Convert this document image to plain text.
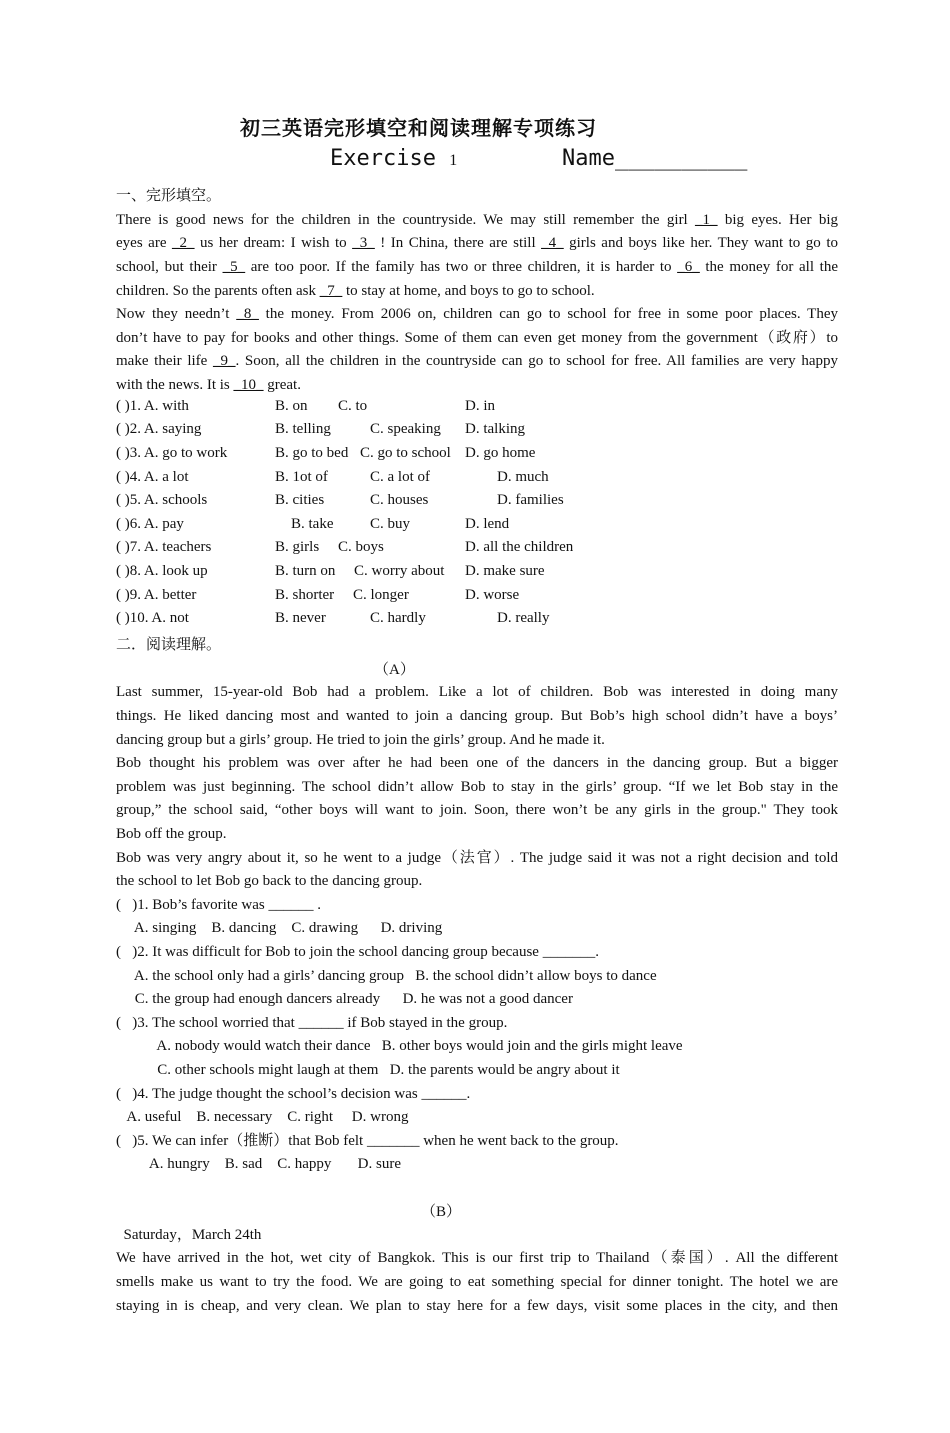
初三英语完形填空和阅读理解专项练习
Exercise 1	Name__________
一、完形填空。
There is good news for the children in the countryside. We may still remember the girl _1_ big eyes. Her big
eyes are _2_ us her dream: I wish to _3_ ! In China, there are still _4_ girls and boys like her. They want to go to
school, but their _5_ are too poor. If the family has two or three children, it is harder to _6_ the money for all the
children. So the parents often ask _7_ to stay at home, and boys to go to school.
Now they needn’t _8_ the money. From 2006 on, children can go to school for free in some poor places. They
don’t have to pay for books and other things. Some of them can even get money from the government（政府）to
make their life _9_. Soon, all the children in the countryside can go to school for free. All families are very happy
with the news. It is _10_ great.
( )1. A. with	B. on C. to	D. in
( )2. A. saying	B. telling	C. speaking D. talking
( )3. A. go to work	B. go to bed C. go to school D. go home
( )4. A. a lot	B. 1ot of	C. a lot of	D. much
( )5. A. schools	B. cities	C. houses	D. families
( )6. A. pay	B. take C. buy	D. lend
( )7. A. teachers	B. girls C. boys	D. all the children
( )8. A. look up	B. turn on C. worry about D. make sure
( )9. A. better	B. shorter C. longer	D. worse
( )10. A. not	B. never	C. hardly	D. really
二．阅读理解。
（A）
Last summer, 15-year-old Bob had a problem. Like a lot of children. Bob was interested in doing many
things. He liked dancing most and wanted to join a dancing group. But Bob’s high school didn’t have a boys’
dancing group but a girls’ group. He tried to join the girls’ group. And he made it.
Bob thought his problem was over after he had been one of the dancers in the dancing group. But a bigger
problem was just beginning. The school didn’t allow Bob to stay in the girls’ group. “If we let Bob stay in the
group,” the school said, “other boys will want to join. Soon, there won’t be any girls in the group." They took
Bob off the group.
Bob was very angry about it, so he went to a judge（法官）. The judge said it was not a right decision and told
the school to let Bob go back to the dancing group.
(   )1. Bob’s favorite was ______ .
A. singing    B. dancing    C. drawing      D. driving
(   )2. It was difficult for Bob to join the school dancing group because _______.
A. the school only had a girls’ dancing group   B. the school didn’t allow boys to dance
C. the group had enough dancers already      D. he was not a good dancer
(   )3. The school worried that ______ if Bob stayed in the group.
A. nobody would watch their dance   B. other boys would join and the girls might leave
C. other schools might laugh at them   D. the parents would be angry about it
(   )4. The judge thought the school’s decision was ______.
A. useful    B. necessary    C. right     D. wrong
(   )5. We can infer（推断）that Bob felt _______ when he went back to the group.
A. hungry    B. sad    C. happy       D. sure
（B）
Saturday，March 24th
We have arrived in the hot, wet city of Bangkok. This is our first trip to Thailand（泰国）. All the different
smells make us want to try the food. We are going to eat something special for dinner tonight. The hotel we are
staying in is cheap, and very clean. We plan to stay here for a few days, visit some places in the city, and then
